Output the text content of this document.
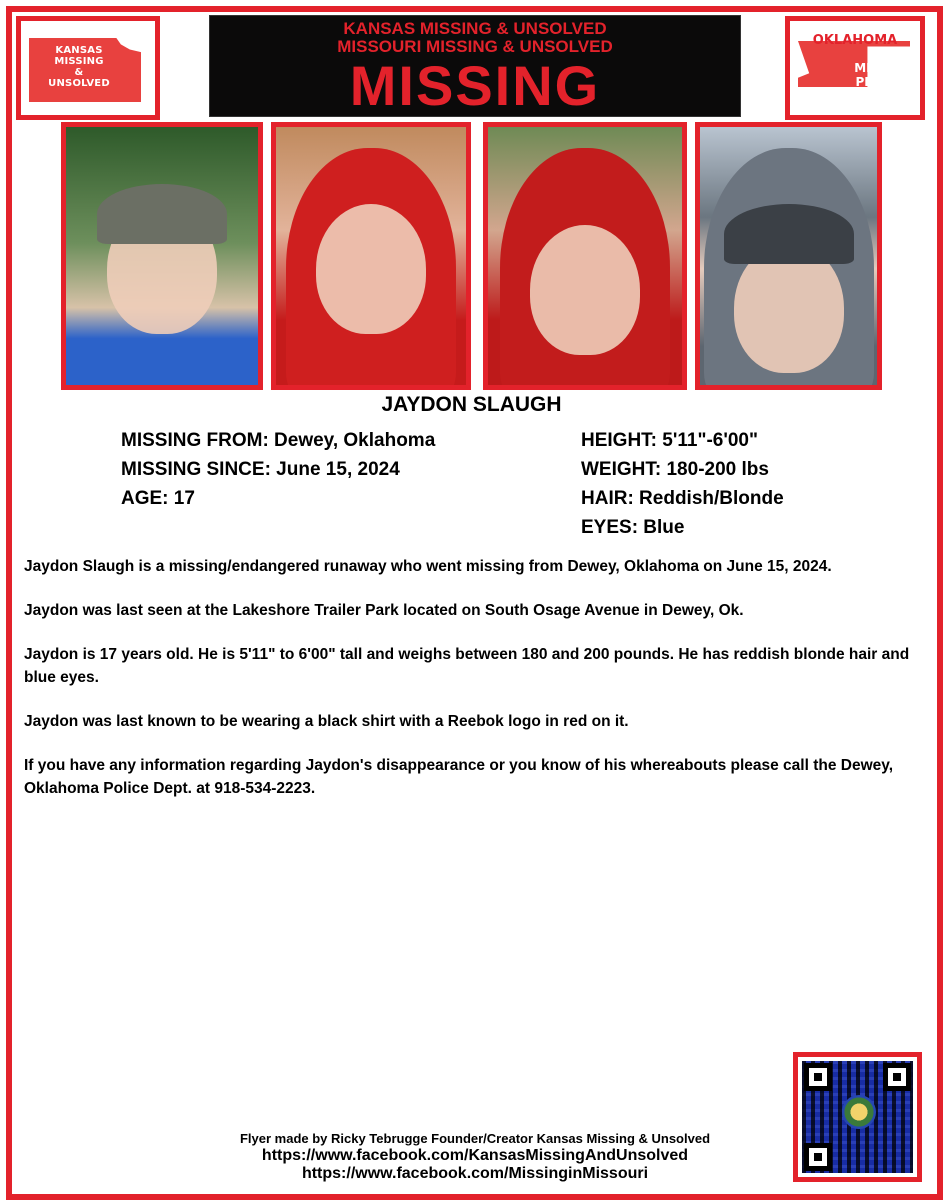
KANSAS
MISSING
&
UNSOLVED
KANSAS MISSING & UNSOLVED
MISSOURI MISSING & UNSOLVED
MISSING
OKLAHOMA
MISSING
PERSON
JAYDON SLAUGH
MISSING FROM: Dewey, Oklahoma
MISSING SINCE: June 15, 2024
AGE: 17
HEIGHT: 5'11"-6'00"
WEIGHT: 180-200 lbs
HAIR: Reddish/Blonde
EYES: Blue

Jaydon Slaugh is a missing/endangered runaway who went missing from Dewey, Oklahoma on June 15, 2024.

Jaydon was last seen at the Lakeshore Trailer Park located on South Osage Avenue in Dewey, Ok.

Jaydon is 17 years old. He is 5'11" to 6'00" tall and weighs between 180 and 200 pounds. He has reddish blonde hair and blue eyes.

Jaydon was last known to be wearing a black shirt with a Reebok logo in red on it.

If you have any information regarding Jaydon's disappearance or you know of his whereabouts please call the Dewey, Oklahoma Police Dept. at 918-534-2223.

Flyer made by Ricky Tebrugge Founder/Creator Kansas Missing & Unsolved
https://www.facebook.com/KansasMissingAndUnsolved
https://www.facebook.com/MissinginMissouri
